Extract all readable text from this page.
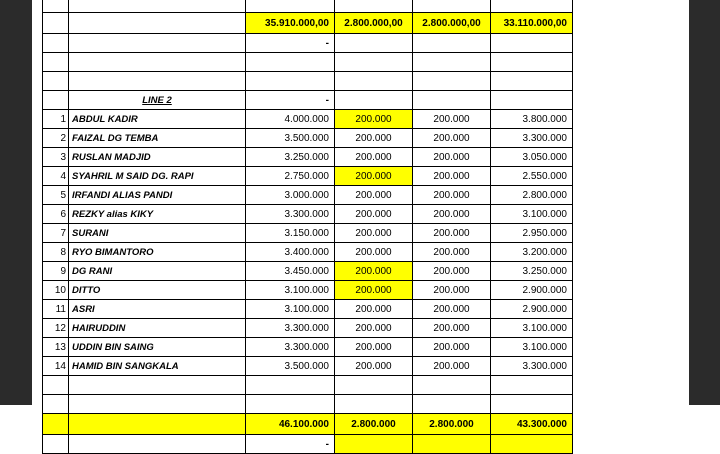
		35.910.000,00	2.800.000,00	2.800.000,00	33.110.000,00
		-			

	LINE 2	-			
1	ABDUL KADIR	4.000.000	200.000	200.000	3.800.000
2	FAIZAL DG TEMBA	3.500.000	200.000	200.000	3.300.000
3	RUSLAN MADJID	3.250.000	200.000	200.000	3.050.000
4	SYAHRIL M SAID DG. RAPI	2.750.000	200.000	200.000	2.550.000
5	IRFANDI ALIAS PANDI	3.000.000	200.000	200.000	2.800.000
6	REZKY alias KIKY	3.300.000	200.000	200.000	3.100.000
7	SURANI	3.150.000	200.000	200.000	2.950.000
8	RYO BIMANTORO	3.400.000	200.000	200.000	3.200.000
9	DG RANI	3.450.000	200.000	200.000	3.250.000
10	DITTO	3.100.000	200.000	200.000	2.900.000
11	ASRI	3.100.000	200.000	200.000	2.900.000
12	HAIRUDDIN	3.300.000	200.000	200.000	3.100.000
13	UDDIN BIN SAING	3.300.000	200.000	200.000	3.100.000
14	HAMID BIN SANGKALA	3.500.000	200.000	200.000	3.300.000

		46.100.000	2.800.000	2.800.000	43.300.000
		-			
